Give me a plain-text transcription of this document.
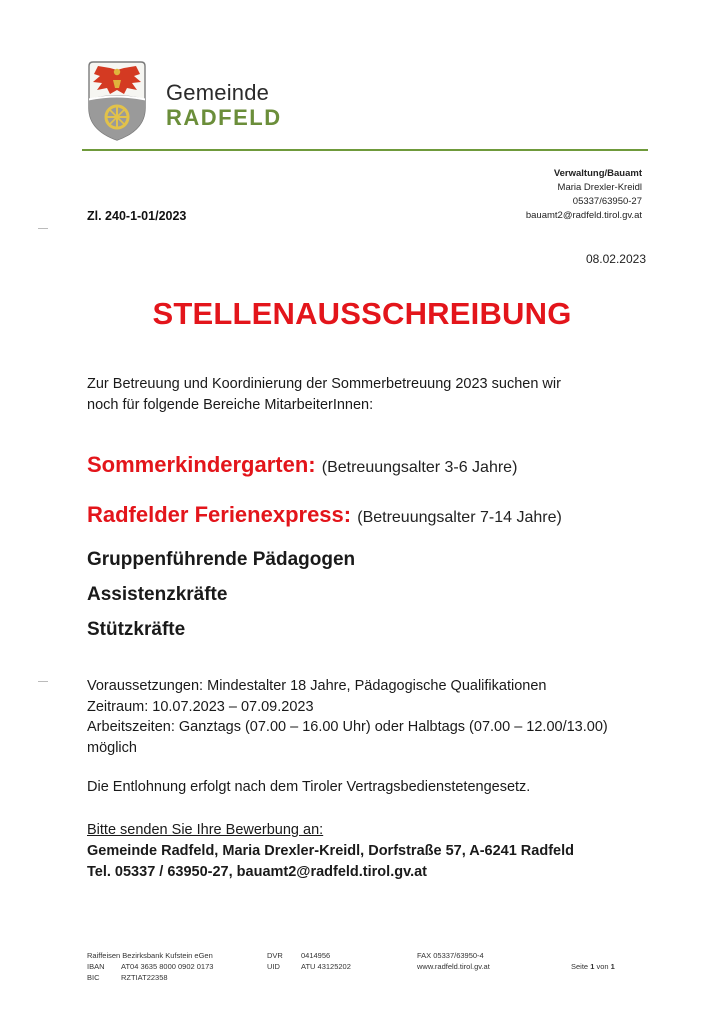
Gemeinde
RADFELD
Verwaltung/Bauamt
Maria Drexler-Kreidl
05337/63950-27
bauamt2@radfeld.tirol.gv.at
Zl. 240-1-01/2023
08.02.2023
STELLENAUSSCHREIBUNG
Zur Betreuung und Koordinierung der Sommerbetreuung 2023 suchen wir
noch für folgende Bereiche MitarbeiterInnen:
Sommerkindergarten: (Betreuungsalter 3-6 Jahre)
Radfelder Ferienexpress: (Betreuungsalter 7-14 Jahre)
Gruppenführende Pädagogen
Assistenzkräfte
Stützkräfte
Voraussetzungen: Mindestalter 18 Jahre, Pädagogische Qualifikationen
Zeitraum: 10.07.2023 – 07.09.2023
Arbeitszeiten: Ganztags (07.00 – 16.00 Uhr) oder Halbtags (07.00 – 12.00/13.00)
möglich
Die Entlohnung erfolgt nach dem Tiroler Vertragsbedienstetengesetz.
Bitte senden Sie Ihre Bewerbung an:
Gemeinde Radfeld, Maria Drexler-Kreidl, Dorfstraße 57, A-6241 Radfeld
Tel. 05337 / 63950-27, bauamt2@radfeld.tirol.gv.at
Raiffeisen Bezirksbank Kufstein eGen
IBAN AT04 3635 8000 0902 0173
BIC	RZTIAT22358
DVR 0414956
UID	ATU 43125202
FAX 05337/63950-4
www.radfeld.tirol.gv.at	Seite 1 von 1
